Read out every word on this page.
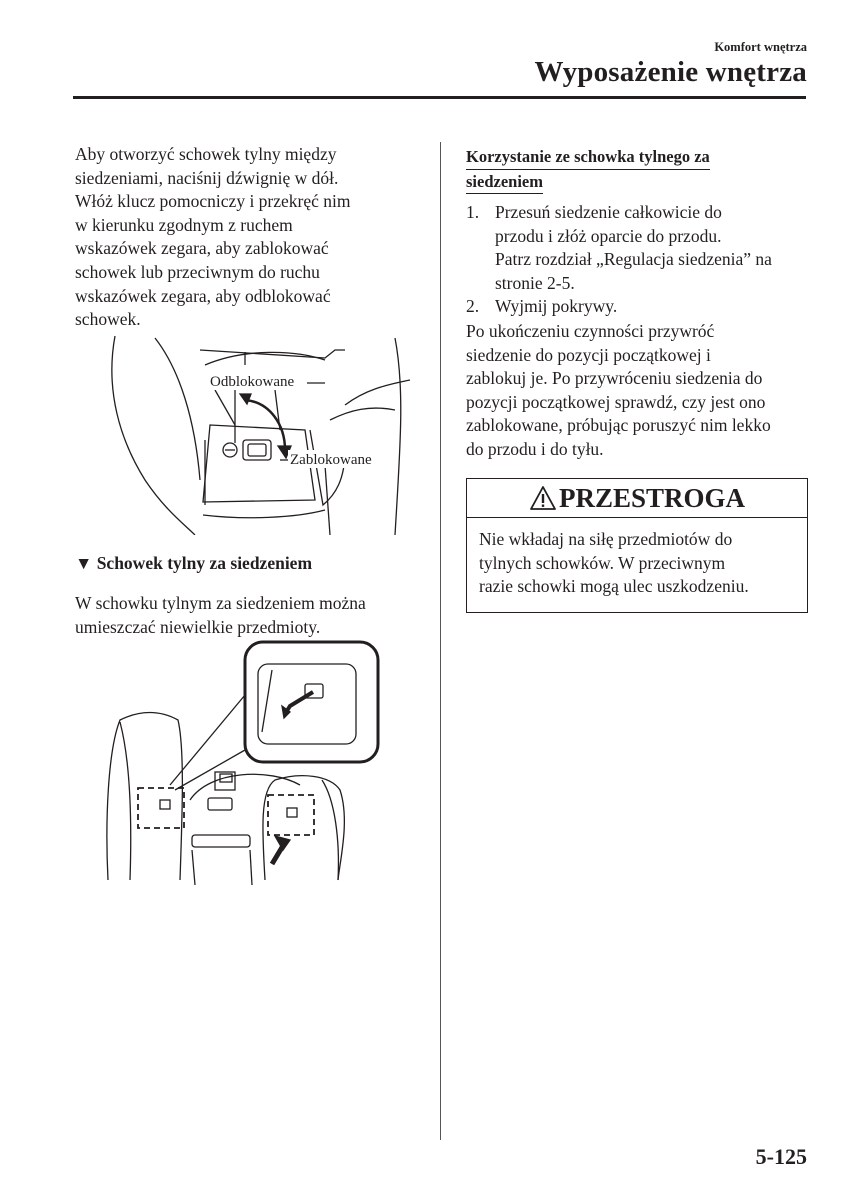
Komfort wnętrza
Wyposażenie wnętrza
Aby otworzyć schowek tylny między
siedzeniami, naciśnij dźwignię w dół.
Włóż klucz pomocniczy i przekręć nim
w kierunku zgodnym z ruchem
wskazówek zegara, aby zablokować
schowek lub przeciwnym do ruchu
wskazówek zegara, aby odblokować
schowek.
Odblokowane
Zablokowane
▼ Schowek tylny za siedzeniem
W schowku tylnym za siedzeniem można
umieszczać niewielkie przedmioty.
Korzystanie ze schowka tylnego za
siedzeniem
1. Przesuń siedzenie całkowicie do
przodu i złóż oparcie do przodu.
Patrz rozdział „Regulacja siedzenia” na
stronie 2-5.
2. Wyjmij pokrywy.
Po ukończeniu czynności przywróć
siedzenie do pozycji początkowej i
zablokuj je. Po przywróceniu siedzenia do
pozycji początkowej sprawdź, czy jest ono
zablokowane, próbując poruszyć nim lekko
do przodu i do tyłu.
PRZESTROGA
Nie wkładaj na siłę przedmiotów do
tylnych schowków. W przeciwnym
razie schowki mogą ulec uszkodzeniu.
5-125
